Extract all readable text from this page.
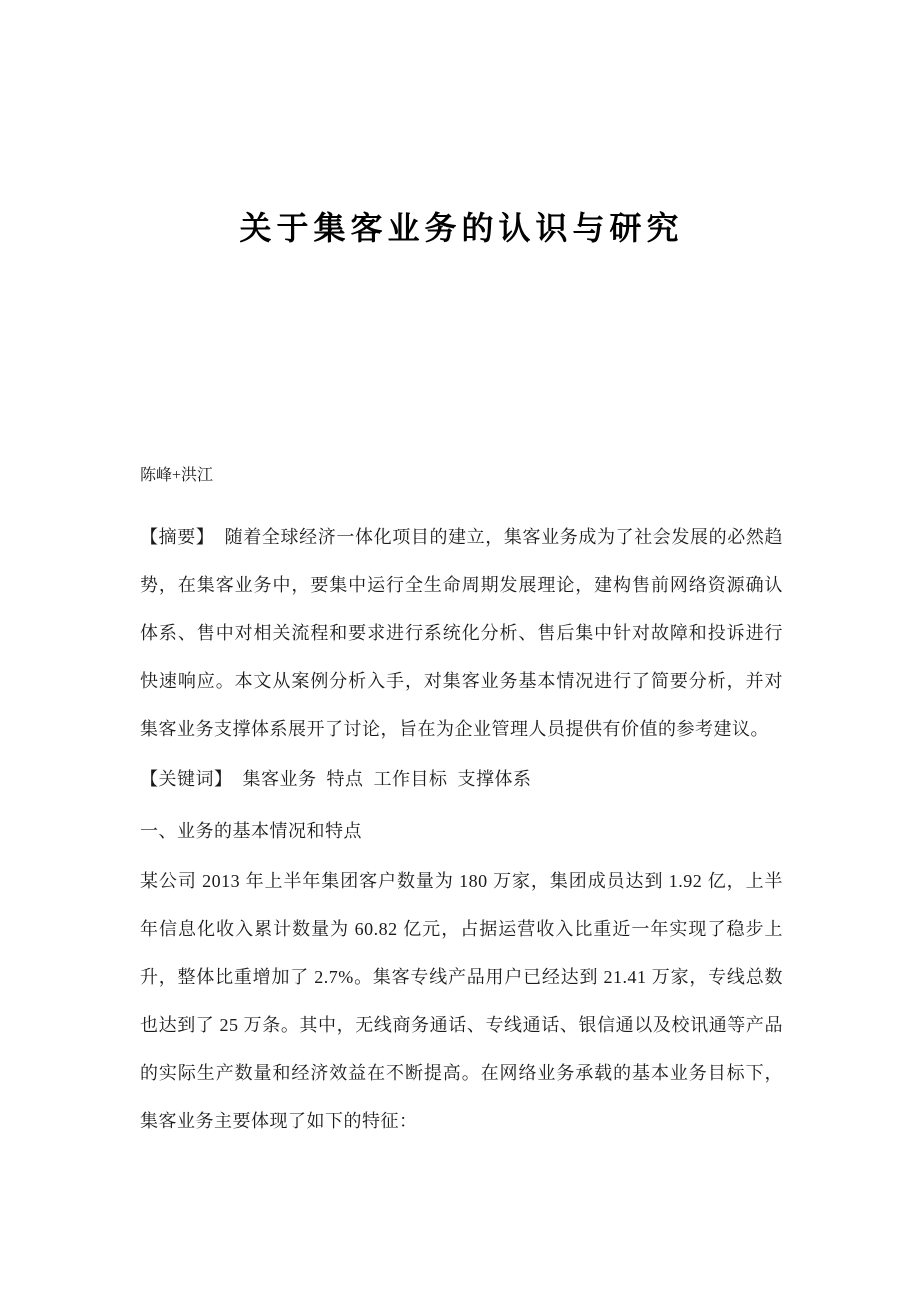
关于集客业务的认识与研究

陈峰+洪江

【摘要】  随着全球经济一体化项目的建立，集客业务成为了社会发展的必然趋势，在集客业务中，要集中运行全生命周期发展理论，建构售前网络资源确认体系、售中对相关流程和要求进行系统化分析、售后集中针对故障和投诉进行快速响应。本文从案例分析入手，对集客业务基本情况进行了简要分析，并对集客业务支撑体系展开了讨论，旨在为企业管理人员提供有价值的参考建议。

【关键词】  集客业务  特点  工作目标  支撑体系

一、业务的基本情况和特点

某公司 2013 年上半年集团客户数量为 180 万家，集团成员达到 1.92 亿，上半年信息化收入累计数量为 60.82 亿元，占据运营收入比重近一年实现了稳步上升，整体比重增加了 2.7%。集客专线产品用户已经达到 21.41 万家，专线总数也达到了 25 万条。其中，无线商务通话、专线通话、银信通以及校讯通等产品的实际生产数量和经济效益在不断提高。在网络业务承载的基本业务目标下，集客业务主要体现了如下的特征：
